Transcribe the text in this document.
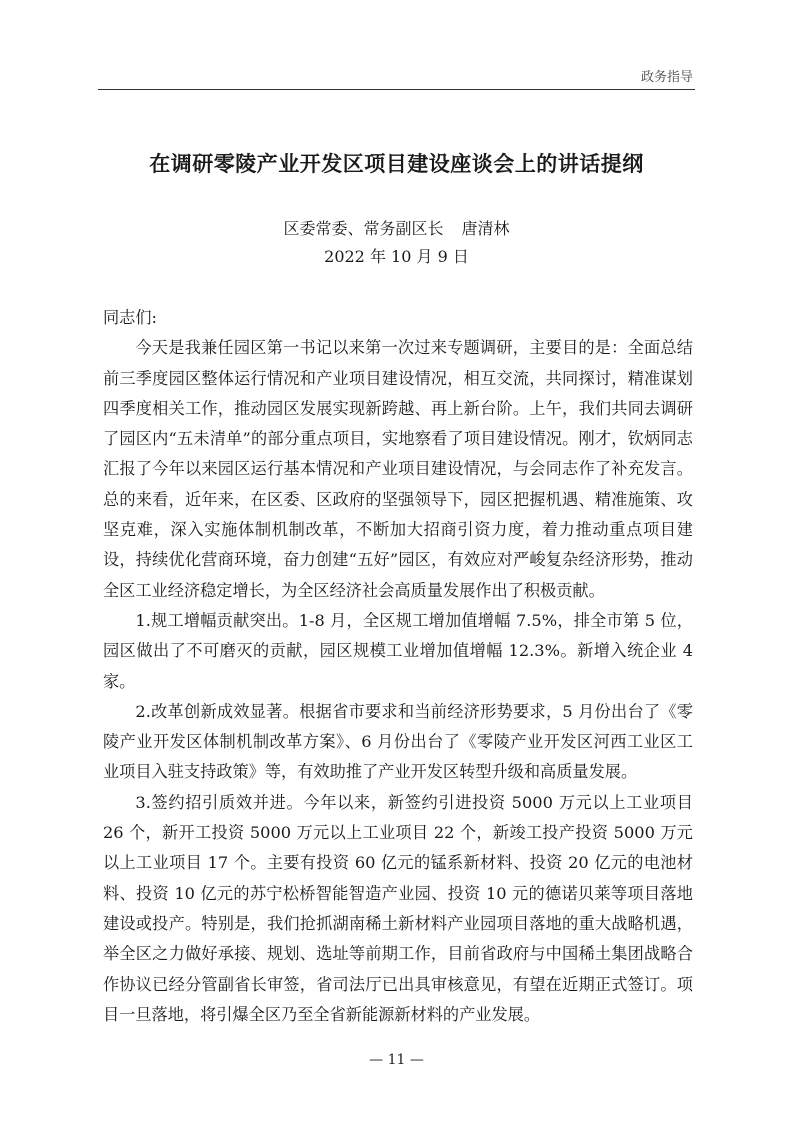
政务指导
在调研零陵产业开发区项目建设座谈会上的讲话提纲
区委常委、常务副区长 唐清林
2022 年 10 月 9 日

同志们:

今天是我兼任园区第一书记以来第一次过来专题调研，主要目的是：全面总结前三季度园区整体运行情况和产业项目建设情况，相互交流，共同探讨，精准谋划四季度相关工作，推动园区发展实现新跨越、再上新台阶。上午，我们共同去调研了园区内“五未清单”的部分重点项目，实地察看了项目建设情况。刚才，钦炳同志汇报了今年以来园区运行基本情况和产业项目建设情况，与会同志作了补充发言。总的来看，近年来，在区委、区政府的坚强领导下，园区把握机遇、精准施策、攻坚克难，深入实施体制机制改革，不断加大招商引资力度，着力推动重点项目建设，持续优化营商环境，奋力创建“五好”园区，有效应对严峻复杂经济形势，推动全区工业经济稳定增长，为全区经济社会高质量发展作出了积极贡献。

1.规工增幅贡献突出。1-8 月，全区规工增加值增幅 7.5%，排全市第 5 位，园区做出了不可磨灭的贡献，园区规模工业增加值增幅 12.3%。新增入统企业 4 家。

2.改革创新成效显著。根据省市要求和当前经济形势要求，5 月份出台了《零陵产业开发区体制机制改革方案》、6 月份出台了《零陵产业开发区河西工业区工业项目入驻支持政策》等，有效助推了产业开发区转型升级和高质量发展。

3.签约招引质效并进。今年以来，新签约引进投资 5000 万元以上工业项目 26 个，新开工投资 5000 万元以上工业项目 22 个，新竣工投产投资 5000 万元以上工业项目 17 个。主要有投资 60 亿元的锰系新材料、投资 20 亿元的电池材料、投资 10 亿元的苏宁松桥智能智造产业园、投资 10 元的德诺贝莱等项目落地建设或投产。特别是，我们抢抓湖南稀土新材料产业园项目落地的重大战略机遇，举全区之力做好承接、规划、选址等前期工作，目前省政府与中国稀土集团战略合作协议已经分管副省长审签，省司法厅已出具审核意见，有望在近期正式签订。项目一旦落地，将引爆全区乃至全省新能源新材料的产业发展。

— 11 —
